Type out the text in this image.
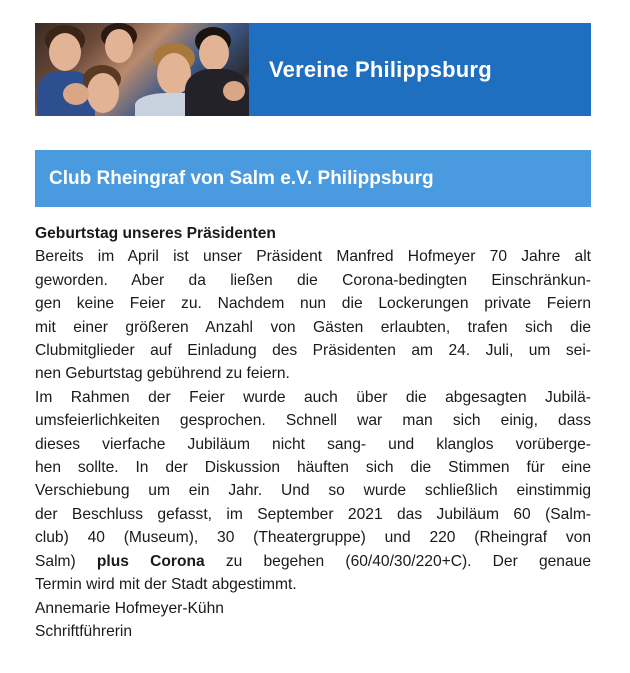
Vereine Philippsburg
Club Rheingraf von Salm e.V. Philippsburg
Geburtstag unseres Präsidenten
Bereits im April ist unser Präsident Manfred Hofmeyer 70 Jahre alt
geworden. Aber da ließen die Corona-bedingten Einschränkun-
gen keine Feier zu. Nachdem nun die Lockerungen private Feiern
mit einer größeren Anzahl von Gästen erlaubten, trafen sich die
Clubmitglieder auf Einladung des Präsidenten am 24. Juli, um sei-
nen Geburtstag gebührend zu feiern.
Im Rahmen der Feier wurde auch über die abgesagten Jubilä-
umsfeierlichkeiten gesprochen. Schnell war man sich einig, dass
dieses vierfache Jubiläum nicht sang- und klanglos vorüberge-
hen sollte. In der Diskussion häuften sich die Stimmen für eine
Verschiebung um ein Jahr. Und so wurde schließlich einstimmig
der Beschluss gefasst, im September 2021 das Jubiläum 60 (Salm-
club) 40 (Museum), 30 (Theatergruppe) und 220 (Rheingraf von
Salm) plus Corona zu begehen (60/40/30/220+C). Der genaue
Termin wird mit der Stadt abgestimmt.
Annemarie Hofmeyer-Kühn
Schriftführerin
